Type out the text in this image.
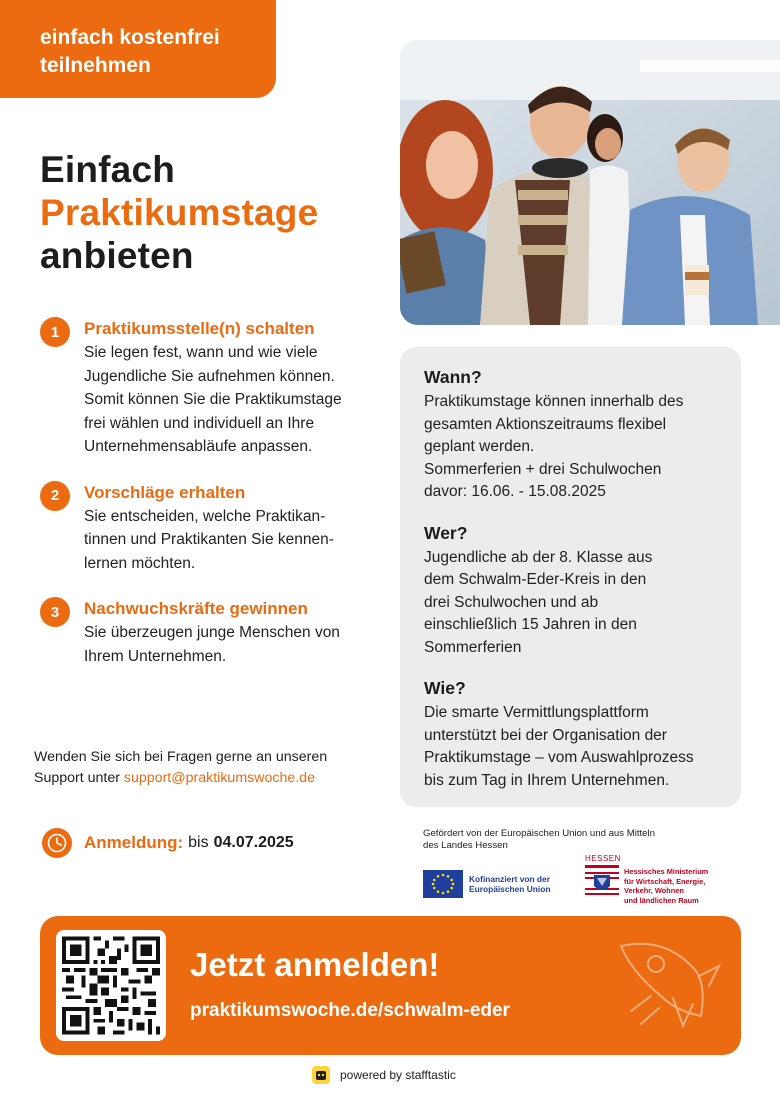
einfach kostenfrei
teilnehmen
Einfach
Praktikumstage
anbieten
1	Praktikumsstelle(n) schalten
Sie legen fest, wann und wie viele
Jugendliche Sie aufnehmen können.
Somit können Sie die Praktikumstage
frei wählen und individuell an Ihre
Unternehmensabläufe anpassen.
2	Vorschläge erhalten
Sie entscheiden, welche Praktikan-
tinnen und Praktikanten Sie kennen-
lernen möchten.
3	Nachwuchskräfte gewinnen
Sie überzeugen junge Menschen von
Ihrem Unternehmen.
Wann?

Praktikumstage können innerhalb des
gesamten Aktionszeitraums flexibel
geplant werden.
Sommerferien + drei Schulwochen
davor: 16.06. - 15.08.2025

Wer?

Jugendliche ab der 8. Klasse aus
dem Schwalm-Eder-Kreis in den
drei Schulwochen und ab
einschließlich 15 Jahren in den
Sommerferien

Wie?

Die smarte Vermittlungsplattform
unterstützt bei der Organisation der
Praktikumstage – vom Auswahlprozess
bis zum Tag in Ihrem Unternehmen.

Wenden Sie sich bei Fragen gerne an unseren
Support unter support@praktikumswoche.de
Anmeldung: bis 04.07.2025
Gefördert von der Europäischen Union und aus Mitteln
des Landes Hessen
Kofinanziert von der
Europäischen Union
HESSEN
Hessisches Ministerium
für Wirtschaft, Energie,
Verkehr, Wohnen
und ländlichen Raum
Jetzt anmelden!
praktikumswoche.de/schwalm-eder
powered by stafftastic
